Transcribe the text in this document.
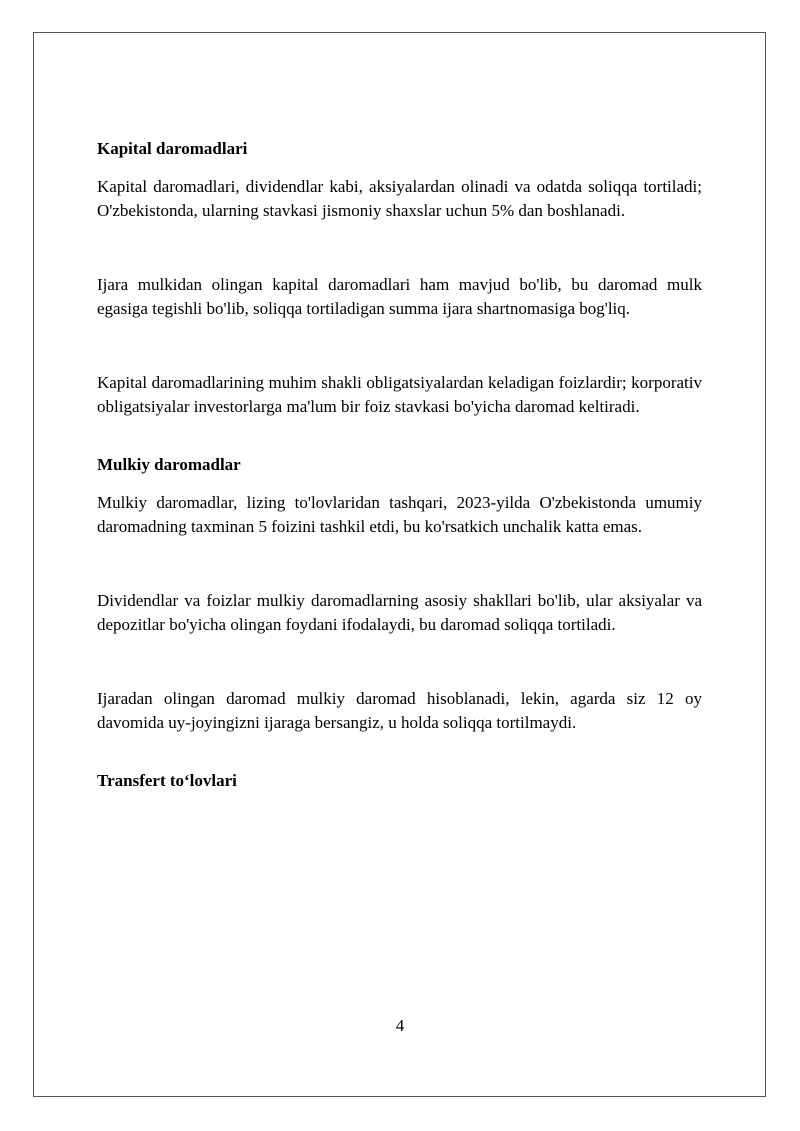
Kapital daromadlari

Kapital daromadlari, dividendlar kabi, aksiyalardan olinadi va odatda soliqqa tortiladi; O'zbekistonda, ularning stavkasi jismoniy shaxslar uchun 5% dan boshlanadi.

Ijara mulkidan olingan kapital daromadlari ham mavjud bo'lib, bu daromad mulk egasiga tegishli bo'lib, soliqqa tortiladigan summa ijara shartnomasiga bog'liq.

Kapital daromadlarining muhim shakli obligatsiyalardan keladigan foizlardir; korporativ obligatsiyalar investorlarga ma'lum bir foiz stavkasi bo'yicha daromad keltiradi.

Mulkiy daromadlar

Mulkiy daromadlar, lizing to'lovlaridan tashqari, 2023-yilda O'zbekistonda umumiy daromadning taxminan 5 foizini tashkil etdi, bu ko'rsatkich unchalik katta emas.

Dividendlar va foizlar mulkiy daromadlarning asosiy shakllari bo'lib, ular aksiyalar va depozitlar bo'yicha olingan foydani ifodalaydi, bu daromad soliqqa tortiladi.

Ijaradan olingan daromad mulkiy daromad hisoblanadi, lekin, agarda siz 12 oy davomida uy-joyingizni ijaraga bersangiz, u holda soliqqa tortilmaydi.

Transfert to‘lovlari
4
